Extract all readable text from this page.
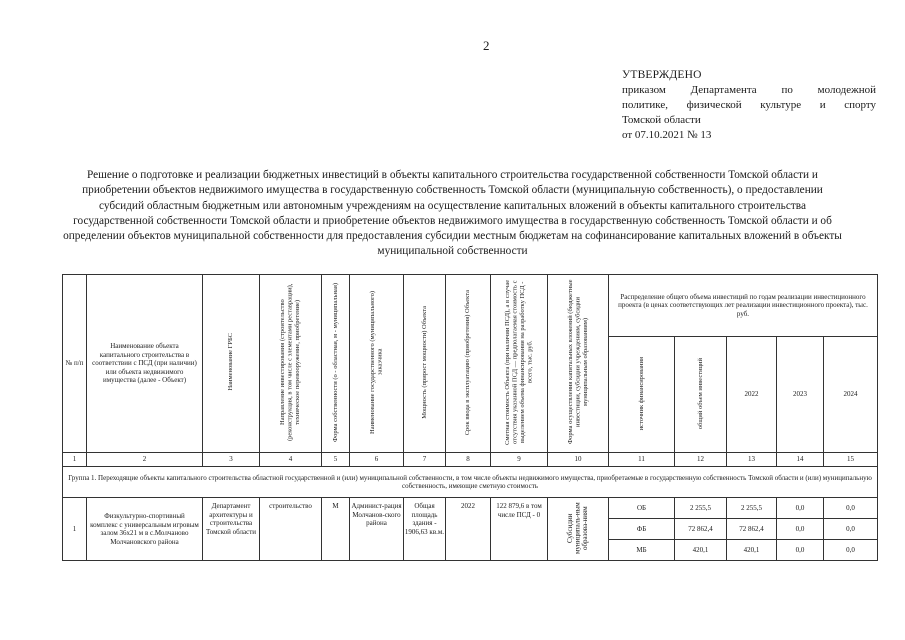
2
УТВЕРЖДЕНО
приказом Департамента по молодежной
политике, физической культуре и спорту
Томской области
от 07.10.2021 № 13
Решение о подготовке и реализации бюджетных инвестиций в объекты капитального строительства государственной собственности Томской области и приобретении объектов недвижимого имущества в государственную собственность Томской области (муниципальную собственность), о предоставлении субсидий областным бюджетным или автономным учреждениям на осуществление капитальных вложений в объекты капитального строительства государственной собственности Томской области и приобретение объектов недвижимого имущества в государственную собственность Томской области и об определении объектов муниципальной собственности для предоставления субсидии местным бюджетам на софинансирование капитальных вложений в объекты муниципальной собственности
№ п/п	Наименование объекта капитального строительства в соответствии с ПСД (при наличии) или объекта недвижимого имущества (далее - Объект)	Наименование ГРБС	Направление инвестирования (строительство (реконструкция, в том числе с элементами реставрации), техническое перевооружение, приобретение)	Форма собственности (о - областная, м - муниципальная)	Наименование государственного (муниципального) заказчика	Мощность (прирост мощности) Объекта	Срок ввода в эксплуатацию (приобретения) Объекта	Сметная стоимость Объекта (при наличии ПСД), а в случае отсутствия указанной ПСД — предполагаемая стоимость с выделением объема финансирования на разработку ПСД - всего, тыс. руб.	Форма осуществления капитальных вложений (бюджетные инвестиции, субсидии учреждениям, субсидии муниципальным образованиям)	Распределение общего объема инвестиций по годам реализации инвестиционного проекта (в ценах соответствующих лет реализации инвестиционного проекта), тыс. руб.				
										источник финансирования	общий объем инвестиций	2022	2023	2024
1	2	3	4	5	6	7	8	9	10	11	12	13	14	15
Группа 1. Переходящие объекты капитального строительства областной государственной и (или) муниципальной собственности, в том числе объекты недвижимого имущества, приобретаемые в государственную собственность Томской области и (или) муниципальную собственность, имеющие сметную стоимость														
1	Физкультурно-спортивный комплекс с универсальным игровым залом 36х21 м в с.Молчаново Молчановского района	Департамент архитектуры и строительства Томской области	строительство	М	Админист-рация Молчанов-ского района	Общая площадь здания - 1906,63 кв.м.	2022	122 879,6 в том числе ПСД - 0	Субсидии муниципаль-ным образова-ниям	ОБ	2 255,5	2 255,5	0,0	0,0
										ФБ	72 862,4	72 862,4	0,0	0,0
										МБ	420,1	420,1	0,0	0,0
